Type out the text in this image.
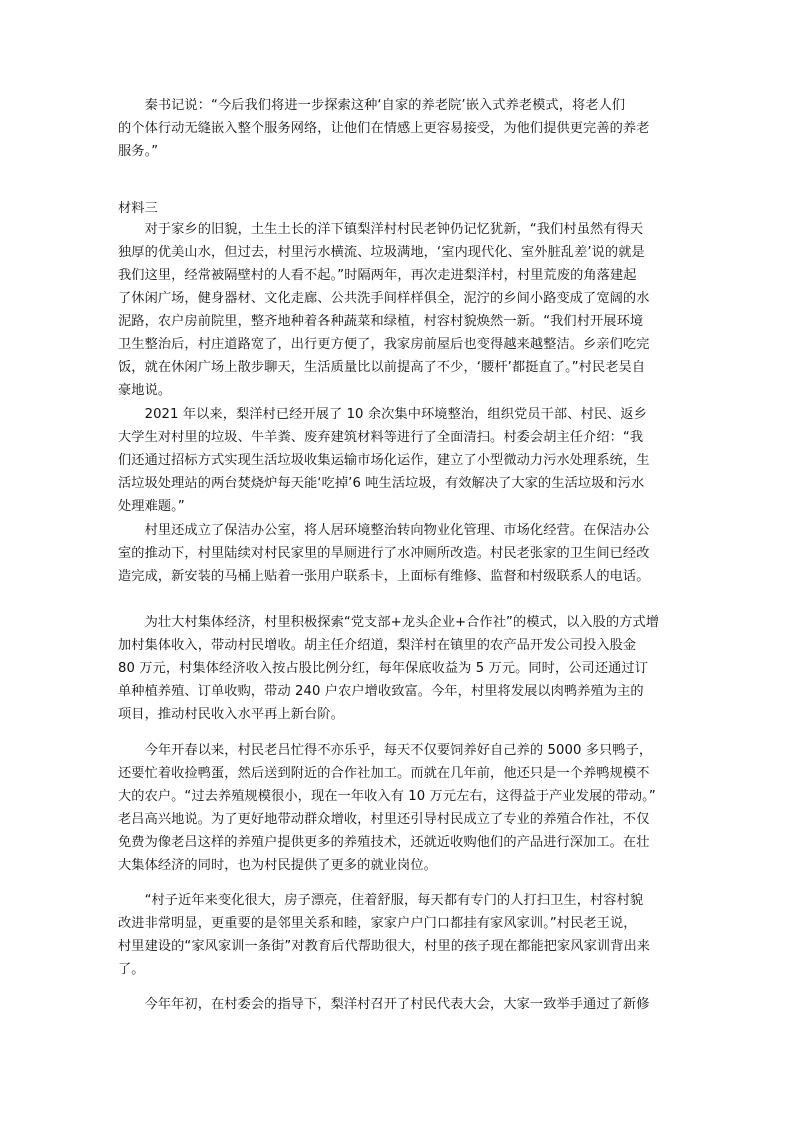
　　秦书记说：“今后我们将进一步探索这种‘自家的养老院’嵌入式养老模式，将老人们
的个体行动无缝嵌入整个服务网络，让他们在情感上更容易接受，为他们提供更完善的养老
服务。”
材料三
　　对于家乡的旧貌，土生土长的洋下镇梨洋村村民老钟仍记忆犹新，“我们村虽然有得天
独厚的优美山水，但过去，村里污水横流、垃圾满地，‘室内现代化、室外脏乱差’说的就是
我们这里，经常被隔壁村的人看不起。”时隔两年，再次走进梨洋村，村里荒废的角落建起
了休闲广场，健身器材、文化走廊、公共洗手间样样俱全，泥泞的乡间小路变成了宽阔的水
泥路，农户房前院里，整齐地种着各种蔬菜和绿植，村容村貌焕然一新。“我们村开展环境
卫生整治后，村庄道路宽了，出行更方便了，我家房前屋后也变得越来越整洁。乡亲们吃完
饭，就在休闲广场上散步聊天，生活质量比以前提高了不少，‘腰杆’都挺直了。”村民老吴自
豪地说。
　　2021 年以来，梨洋村已经开展了 10 余次集中环境整治，组织党员干部、村民、返乡
大学生对村里的垃圾、牛羊粪、废弃建筑材料等进行了全面清扫。村委会胡主任介绍：“我
们还通过招标方式实现生活垃圾收集运输市场化运作，建立了小型微动力污水处理系统，生
活垃圾处理站的两台焚烧炉每天能‘吃掉’6 吨生活垃圾，有效解决了大家的生活垃圾和污水
处理难题。”
　　村里还成立了保洁办公室，将人居环境整治转向物业化管理、市场化经营。在保洁办公
室的推动下，村里陆续对村民家里的旱厕进行了水冲厕所改造。村民老张家的卫生间已经改
造完成，新安装的马桶上贴着一张用户联系卡，上面标有维修、监督和村级联系人的电话。
　　为壮大村集体经济，村里积极探索“党支部+龙头企业+合作社”的模式，以入股的方式增
加村集体收入，带动村民增收。胡主任介绍道，梨洋村在镇里的农产品开发公司投入股金
80 万元，村集体经济收入按占股比例分红，每年保底收益为 5 万元。同时，公司还通过订
单种植养殖、订单收购，带动 240 户农户增收致富。今年，村里将发展以肉鸭养殖为主的
项目，推动村民收入水平再上新台阶。
　　今年开春以来，村民老吕忙得不亦乐乎，每天不仅要饲养好自己养的 5000 多只鸭子，
还要忙着收捡鸭蛋，然后送到附近的合作社加工。而就在几年前，他还只是一个养鸭规模不
大的农户。“过去养殖规模很小，现在一年收入有 10 万元左右，这得益于产业发展的带动。”
老吕高兴地说。为了更好地带动群众增收，村里还引导村民成立了专业的养殖合作社，不仅
免费为像老吕这样的养殖户提供更多的养殖技术，还就近收购他们的产品进行深加工。在壮
大集体经济的同时，也为村民提供了更多的就业岗位。
　　“村子近年来变化很大，房子漂亮，住着舒服，每天都有专门的人打扫卫生，村容村貌
改进非常明显，更重要的是邻里关系和睦，家家户户门口都挂有家风家训。”村民老王说，
村里建设的“家风家训一条街”对教育后代帮助很大，村里的孩子现在都能把家风家训背出来
了。
　　今年年初，在村委会的指导下，梨洋村召开了村民代表大会，大家一致举手通过了新修
